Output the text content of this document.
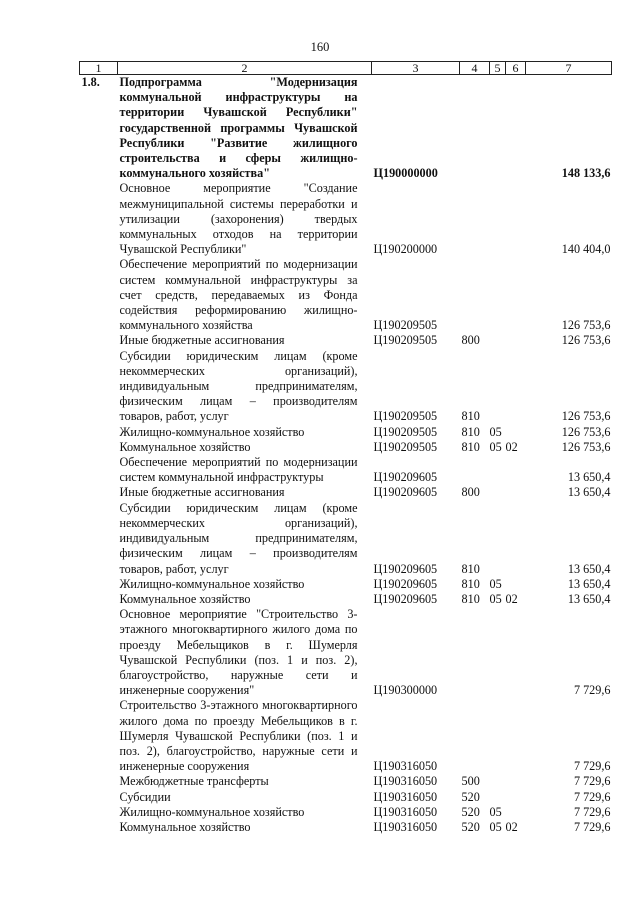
160
1	2	3	4	5	6	7
1.8.	Подпрограмма "Модернизация коммунальной инфраструктуры на территории Чувашской Республики" государственной программы Чувашской Республики "Развитие жилищного строительства и сферы жилищно-коммунального хозяйства"	Ц190000000				148 133,6
	Основное мероприятие "Создание межмуниципальной системы переработки и утилизации (захоронения) твердых коммунальных отходов на территории Чувашской Республики"	Ц190200000				140 404,0
	Обеспечение мероприятий по модернизации систем коммунальной инфраструктуры за счет средств, передаваемых из Фонда содействия реформированию жилищно-коммунального хозяйства	Ц190209505				126 753,6
	Иные бюджетные ассигнования	Ц190209505	800			126 753,6
	Субсидии юридическим лицам (кроме некоммерческих организаций), индивидуальным предпринимателям, физическим лицам – производителям товаров, работ, услуг	Ц190209505	810			126 753,6
	Жилищно-коммунальное хозяйство	Ц190209505	810	05		126 753,6
	Коммунальное хозяйство	Ц190209505	810	05	02	126 753,6
	Обеспечение мероприятий по модернизации систем коммунальной инфраструктуры	Ц190209605				13 650,4
	Иные бюджетные ассигнования	Ц190209605	800			13 650,4
	Субсидии юридическим лицам (кроме некоммерческих организаций), индивидуальным предпринимателям, физическим лицам – производителям товаров, работ, услуг	Ц190209605	810			13 650,4
	Жилищно-коммунальное хозяйство	Ц190209605	810	05		13 650,4
	Коммунальное хозяйство	Ц190209605	810	05	02	13 650,4
	Основное мероприятие "Строительство 3-этажного многоквартирного жилого дома по проезду Мебельщиков в г. Шумерля Чувашской Республики (поз. 1 и поз. 2), благоустройство, наружные сети и инженерные сооружения"	Ц190300000				7 729,6
	Строительство 3-этажного многоквартирного жилого дома по проезду Мебельщиков в г. Шумерля Чувашской Республики (поз. 1 и поз. 2), благоустройство, наружные сети и инженерные сооружения	Ц190316050				7 729,6
	Межбюджетные трансферты	Ц190316050	500			7 729,6
	Субсидии	Ц190316050	520			7 729,6
	Жилищно-коммунальное хозяйство	Ц190316050	520	05		7 729,6
	Коммунальное хозяйство	Ц190316050	520	05	02	7 729,6
